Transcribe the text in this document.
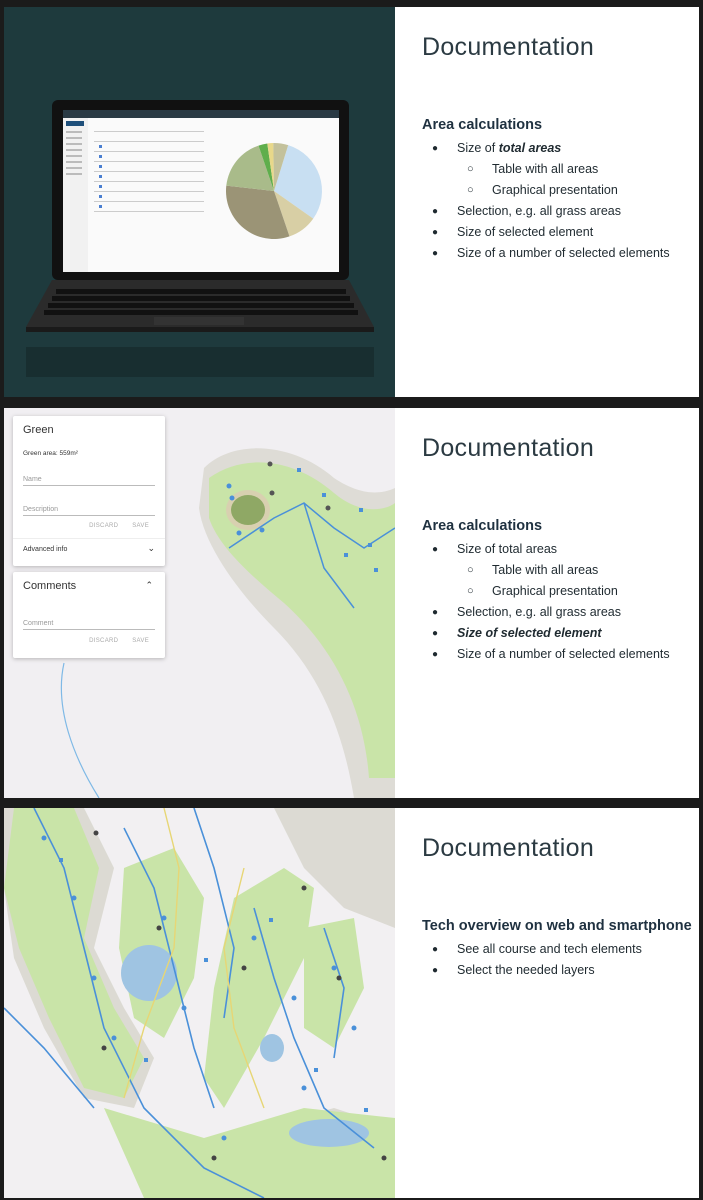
Documentation
Area calculations
● Size of total areas
○ Table with all areas
○ Graphical presentation
● Selection, e.g. all grass areas
● Size of selected element
● Size of a number of selected elements
Green
Green area: 559m²
Name
Description
DISCARD SAVE
Advanced info	⌄
Comments	⌃
Comment
DISCARD SAVE
Documentation
Area calculations
● Size of total areas
○ Table with all areas
○ Graphical presentation
● Selection, e.g. all grass areas
● Size of selected element
● Size of a number of selected elements
Documentation
Tech overview on web and smartphone
● See all course and tech elements
● Select the needed layers
